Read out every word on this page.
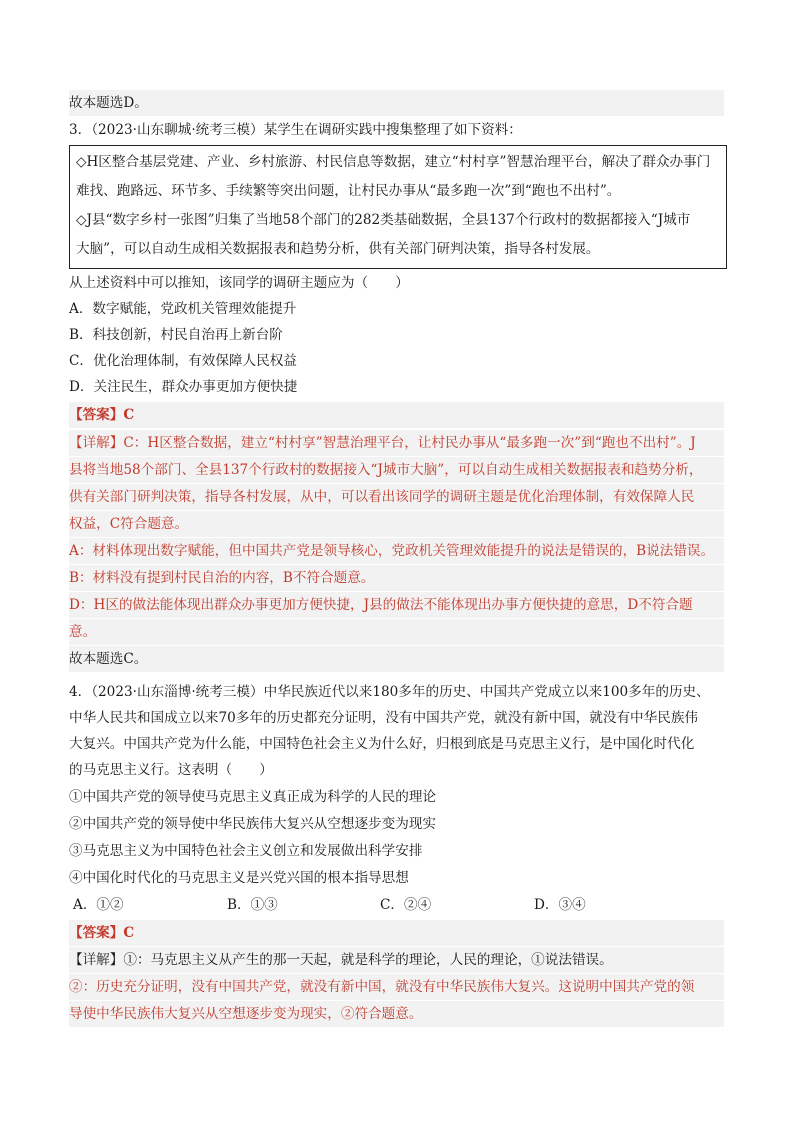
故本题选D。
3．（2023·山东聊城·统考三模）某学生在调研实践中搜集整理了如下资料：
◇H区整合基层党建、产业、乡村旅游、村民信息等数据，建立“村村享”智慧治理平台，解决了群众办事门
难找、跑路远、环节多、手续繁等突出问题，让村民办事从“最多跑一次”到“跑也不出村”。
◇J县“数字乡村一张图”归集了当地58个部门的282类基础数据，全县137个行政村的数据都接入“J城市
大脑”，可以自动生成相关数据报表和趋势分析，供有关部门研判决策，指导各村发展。
从上述资料中可以推知，该同学的调研主题应为（　　）
A．数字赋能，党政机关管理效能提升
B．科技创新，村民自治再上新台阶
C．优化治理体制，有效保障人民权益
D．关注民生，群众办事更加方便快捷
【答案】C
【详解】C：H区整合数据，建立“村村享”智慧治理平台，让村民办事从“最多跑一次”到“跑也不出村”。J
县将当地58个部门、全县137个行政村的数据接入“J城市大脑”，可以自动生成相关数据报表和趋势分析，
供有关部门研判决策，指导各村发展，从中，可以看出该同学的调研主题是优化治理体制，有效保障人民
权益，C符合题意。
A：材料体现出数字赋能，但中国共产党是领导核心，党政机关管理效能提升的说法是错误的，B说法错误。
B：材料没有提到村民自治的内容，B不符合题意。
D：H区的做法能体现出群众办事更加方便快捷，J县的做法不能体现出办事方便快捷的意思，D不符合题
意。
故本题选C。
4．（2023·山东淄博·统考三模）中华民族近代以来180多年的历史、中国共产党成立以来100多年的历史、
中华人民共和国成立以来70多年的历史都充分证明，没有中国共产党，就没有新中国，就没有中华民族伟
大复兴。中国共产党为什么能，中国特色社会主义为什么好，归根到底是马克思主义行，是中国化时代化
的马克思主义行。这表明（　　）
①中国共产党的领导使马克思主义真正成为科学的人民的理论
②中国共产党的领导使中华民族伟大复兴从空想逐步变为现实
③马克思主义为中国特色社会主义创立和发展做出科学安排
④中国化时代化的马克思主义是兴党兴国的根本指导思想
A．①②	B．①③	C．②④	D．③④
【答案】C
【详解】①：马克思主义从产生的那一天起，就是科学的理论，人民的理论，①说法错误。
②：历史充分证明，没有中国共产党，就没有新中国，就没有中华民族伟大复兴。这说明中国共产党的领
导使中华民族伟大复兴从空想逐步变为现实，②符合题意。
